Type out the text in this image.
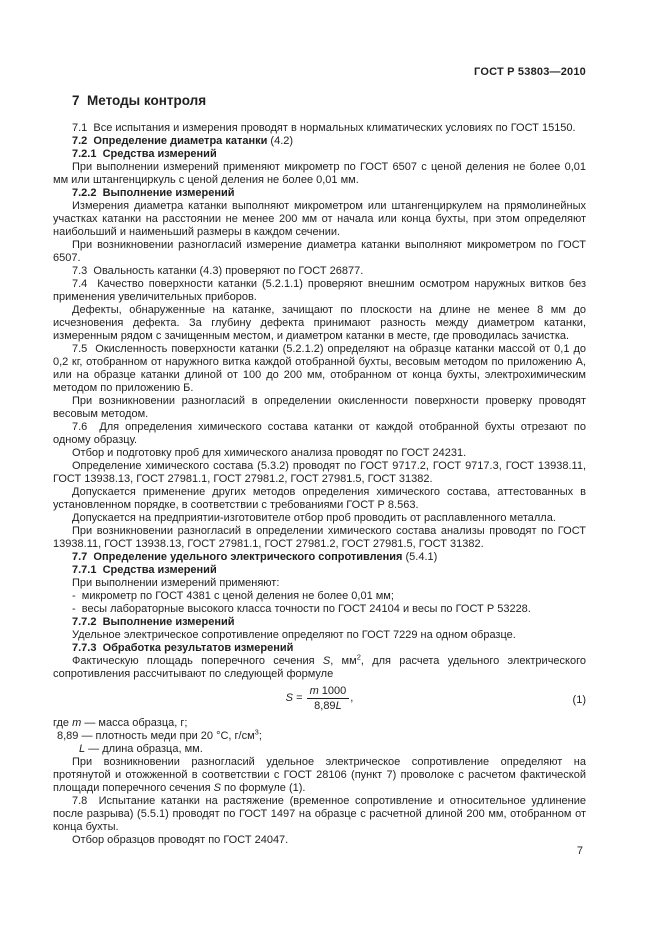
ГОСТ Р 53803—2010
7  Методы контроля

7.1  Все испытания и измерения проводят в нормальных климатических условиях по ГОСТ 15150.

7.2  Определение диаметра катанки (4.2)

7.2.1  Средства измерений

При выполнении измерений применяют микрометр по ГОСТ 6507 с ценой деления не более 0,01 мм или штангенциркуль с ценой деления не более 0,01 мм.

7.2.2  Выполнение измерений

Измерения диаметра катанки выполняют микрометром или штангенциркулем на прямолинейных участках катанки на расстоянии не менее 200 мм от начала или конца бухты, при этом определяют наибольший и наименьший размеры в каждом сечении.

При возникновении разногласий измерение диаметра катанки выполняют микрометром по ГОСТ 6507.

7.3  Овальность катанки (4.3) проверяют по ГОСТ 26877.

7.4  Качество поверхности катанки (5.2.1.1) проверяют внешним осмотром наружных витков без применения увеличительных приборов.

Дефекты, обнаруженные на катанке, зачищают по плоскости на длине не менее 8 мм до исчезновения дефекта. За глубину дефекта принимают разность между диаметром катанки, измеренным рядом с зачищенным местом, и диаметром катанки в месте, где проводилась зачистка.

7.5  Окисленность поверхности катанки (5.2.1.2) определяют на образце катанки массой от 0,1 до 0,2 кг, отобранном от наружного витка каждой отобранной бухты, весовым методом по приложению А, или на образце катанки длиной от 100 до 200 мм, отобранном от конца бухты, электрохимическим методом по приложению Б.

При возникновении разногласий в определении окисленности поверхности проверку проводят весовым методом.

7.6  Для определения химического состава катанки от каждой отобранной бухты отрезают по одному образцу.

Отбор и подготовку проб для химического анализа проводят по ГОСТ 24231.

Определение химического состава (5.3.2) проводят по ГОСТ 9717.2, ГОСТ 9717.3, ГОСТ 13938.11, ГОСТ 13938.13, ГОСТ 27981.1, ГОСТ 27981.2, ГОСТ 27981.5, ГОСТ 31382.

Допускается применение других методов определения химического состава, аттестованных в установленном порядке, в соответствии с требованиями ГОСТ Р 8.563.

Допускается на предприятии-изготовителе отбор проб проводить от расплавленного металла.

При возникновении разногласий в определении химического состава анализы проводят по ГОСТ 13938.11, ГОСТ 13938.13, ГОСТ 27981.1, ГОСТ 27981.2, ГОСТ 27981.5, ГОСТ 31382.

7.7  Определение удельного электрического сопротивления (5.4.1)

7.7.1  Средства измерений

При выполнении измерений применяют:

-  микрометр по ГОСТ 4381 с ценой деления не более 0,01 мм;

-  весы лабораторные высокого класса точности по ГОСТ 24104 и весы по ГОСТ Р 53228.

7.7.2  Выполнение измерений

Удельное электрическое сопротивление определяют по ГОСТ 7229 на одном образце.

7.7.3  Обработка результатов измерений

Фактическую площадь поперечного сечения S, $мм^2$, для расчета удельного электрического сопротивления рассчитывают по следующей формуле

$S = \frac{m 1000}{8,89L}$ ,	(1)

где m — масса образца, г;

8,89 — плотность меди при 20 °С, $г/см^3$;

L — длина образца, мм.

При возникновении разногласий удельное электрическое сопротивление определяют на протянутой и отожженной в соответствии с ГОСТ 28106 (пункт 7) проволоке с расчетом фактической площади поперечного сечения S по формуле (1).

7.8  Испытание катанки на растяжение (временное сопротивление и относительное удлинение после разрыва) (5.5.1) проводят по ГОСТ 1497 на образце с расчетной длиной 200 мм, отобранном от конца бухты.

Отбор образцов проводят по ГОСТ 24047.

7
